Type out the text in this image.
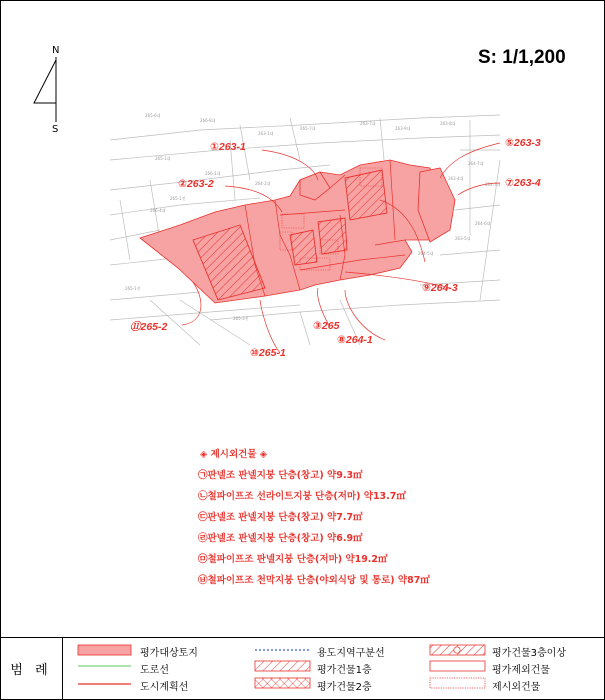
N
S
S: 1/1,200
265-6대
266-8대
263-1대
265-7대
263-7대
263-9대
263-8대
265-1대
266-1대
264-2대
265-1전
266-4대
263-4대
264-7대
264-7대
265-1전
265-3전
264-5대
263-5대
264-6대
①263-1
②263-2
⑤263-3
⑦263-4
⑨264-3
⑪265-2
⑩265-1
③265
⑧264-1
◈ 제시외건물 ◈
㉠판넬조 판넬지붕 단층(창고) 약9.3㎡
㉡철파이프조 선라이트지붕 단층(저마) 약13.7㎡
㉢판넬조 판넬지붕 단층(창고) 약7.7㎡
㉣판넬조 판넬지붕 단층(창고) 약6.9㎡
㉤철파이프조 판넬지붕 단층(저마) 약19.2㎡
㉥철파이프조 천막지붕 단층(야외식당 및 통로) 약87㎡
범 례
평가대상토지
도로선
도시계획선
용도지역구분선
평가건물1층
평가건물2층
평가건물3층이상
평가제외건물
제시외건물
